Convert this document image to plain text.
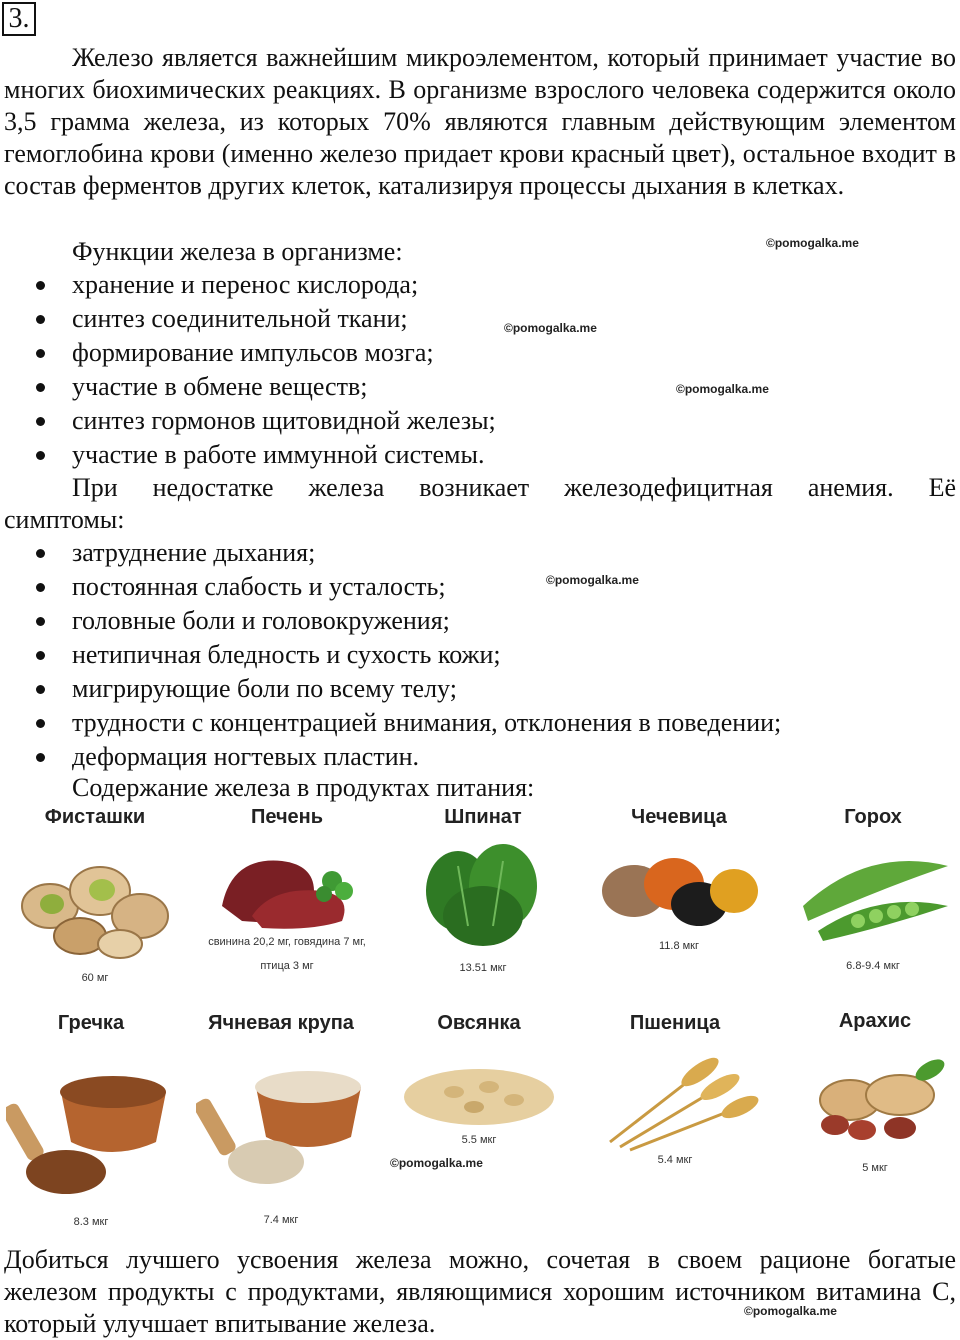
3.

Железо является важнейшим микроэлементом, который принимает участие во многих биохимических реакциях. В организме взрослого человека содержится около 3,5 грамма железа, из которых 70% являются главным действующим элементом гемоглобина крови (именно железо придает крови красный цвет), остальное входит в состав ферментов других клеток, катализируя процессы дыхания в клетках.

Функции железа в организме:

хранение и перенос кислорода;
синтез соединительной ткани;
формирование импульсов мозга;
участие в обмене веществ;
синтез гормонов щитовидной железы;
участие в работе иммунной системы.

При недостатке железа возникает железодефицитная анемия. Её

симптомы:

затруднение дыхания;
постоянная слабость и усталость;
головные боли и головокружения;
нетипичная бледность и сухость кожи;
мигрирующие боли по всему телу;
трудности с концентрацией внимания, отклонения в поведении;
деформация ногтевых пластин.

Содержание железа в продуктах питания:

Фисташки
60 мг
Печень
свинина 20,2 мг, говядина 7 мг, птица 3 мг
Шпинат
13.51 мкг
Чечевица
11.8 мкг
Горох
6.8-9.4 мкг
Гречка
8.3 мкг
Ячневая крупа
7.4 мкг
Овсянка
5.5 мкг
Пшеница
5.4 мкг
Арахис
5 мкг

Добиться лучшего усвоения железа можно, сочетая в своем рационе богатые железом продукты с продуктами, являющимися хорошим источником витамина C, который улучшает впитывание железа.

©pomogalka.me
©pomogalka.me
©pomogalka.me
©pomogalka.me
©pomogalka.me
©pomogalka.me
